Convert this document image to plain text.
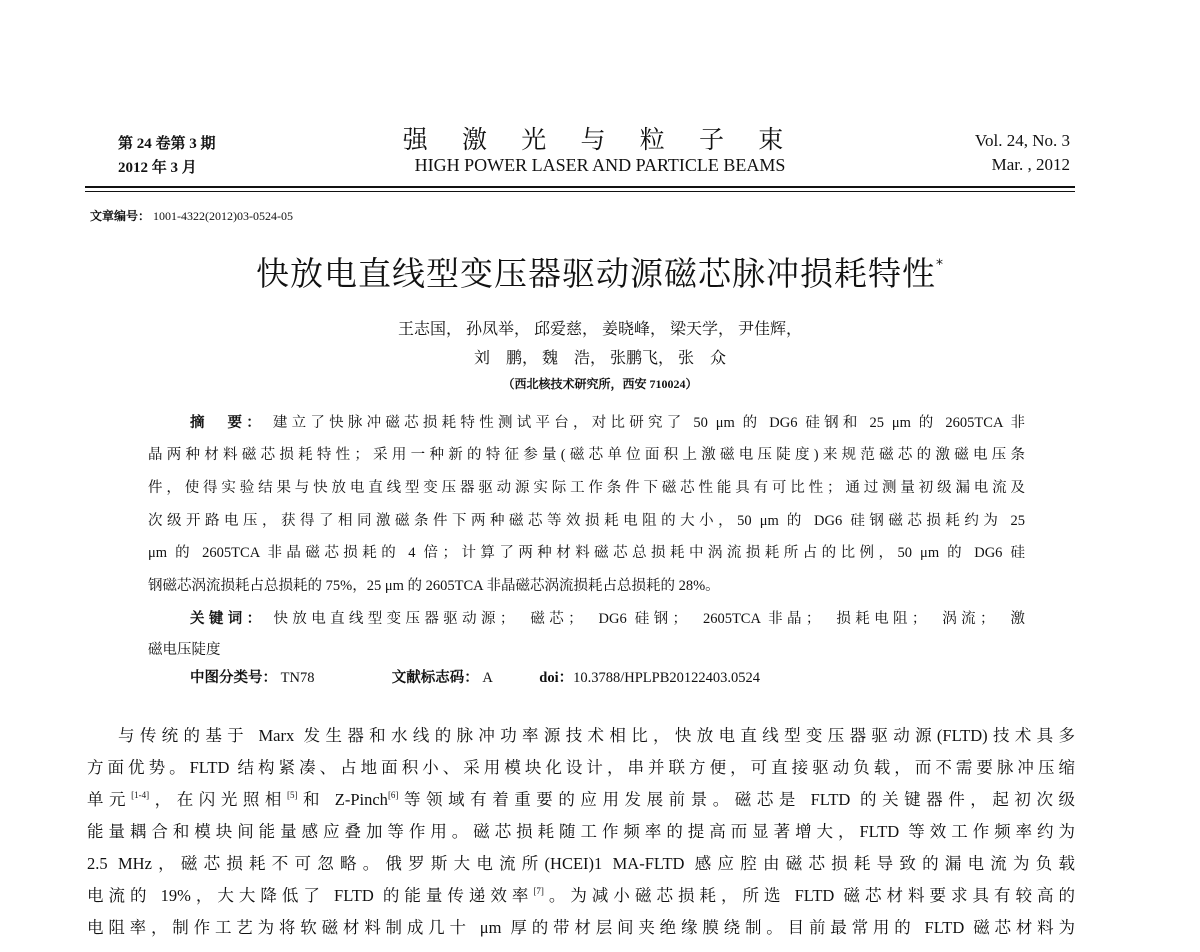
第 24 卷第 3 期
2012 年 3 月
强 激 光 与 粒 子 束
HIGH POWER LASER AND PARTICLE BEAMS
Vol. 24, No. 3
Mar. , 2012
文章编号： 1001-4322(2012)03-0524-05
快放电直线型变压器驱动源磁芯脉冲损耗特性*
王志国， 孙凤举， 邱爱慈， 姜晓峰， 梁天学， 尹佳辉，
刘　鹏， 魏　浩， 张鹏飞， 张　众
（西北核技术研究所，西安 710024）
摘　要： 建立了快脉冲磁芯损耗特性测试平台，对比研究了 50 μm 的 DG6 硅钢和 25 μm 的 2605TCA 非
晶两种材料磁芯损耗特性；采用一种新的特征参量(磁芯单位面积上激磁电压陡度)来规范磁芯的激磁电压条
件，使得实验结果与快放电直线型变压器驱动源实际工作条件下磁芯性能具有可比性；通过测量初级漏电流及
次级开路电压，获得了相同激磁条件下两种磁芯等效损耗电阻的大小，50 μm 的 DG6 硅钢磁芯损耗约为 25
μm 的 2605TCA 非晶磁芯损耗的 4 倍；计算了两种材料磁芯总损耗中涡流损耗所占的比例，50 μm 的 DG6 硅
钢磁芯涡流损耗占总损耗的 75%，25 μm 的 2605TCA 非晶磁芯涡流损耗占总损耗的 28%。
关键词： 快放电直线型变压器驱动源；　磁芯；　DG6 硅钢；　2605TCA 非晶；　损耗电阻；　涡流；　激
磁电压陡度
中图分类号： TN78	文献标志码： A	doi：10.3788/HPLPB20122403.0524
与传统的基于 Marx 发生器和水线的脉冲功率源技术相比，快放电直线型变压器驱动源(FLTD)技术具多
方面优势。FLTD 结构紧凑、占地面积小、采用模块化设计，串并联方便，可直接驱动负载，而不需要脉冲压缩
单元[1-4]，在闪光照相[5]和 Z-Pinch[6]等领域有着重要的应用发展前景。磁芯是 FLTD 的关键器件，起初次级
能量耦合和模块间能量感应叠加等作用。磁芯损耗随工作频率的提高而显著增大，FLTD 等效工作频率约为
2.5 MHz，磁芯损耗不可忽略。俄罗斯大电流所(HCEI)1 MA-FLTD 感应腔由磁芯损耗导致的漏电流为负载
电流的 19%，大大降低了 FLTD 的能量传递效率[7]。为减小磁芯损耗，所选 FLTD 磁芯材料要求具有较高的
电阻率，制作工艺为将软磁材料制成几十 μm 厚的带材层间夹绝缘膜绕制。目前最常用的 FLTD 磁芯材料为
